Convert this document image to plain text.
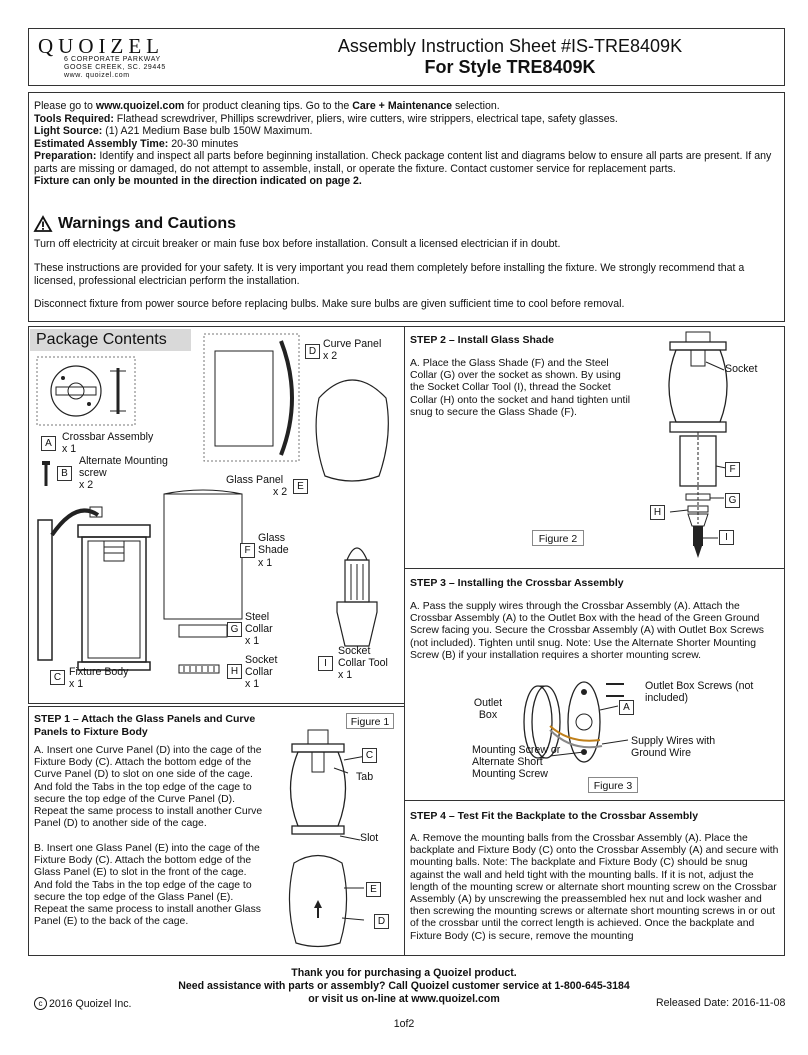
QUOIZEL
6 CORPORATE PARKWAY
GOOSE CREEK, SC. 29445
www. quoizel.com
Assembly Instruction Sheet #IS-TRE8409K
For Style TRE8409K

Please go to www.quoizel.com for product cleaning tips. Go to the Care + Maintenance selection.

Tools Required: Flathead screwdriver, Phillips screwdriver, pliers, wire cutters, wire strippers, electrical tape, safety glasses.

Light Source: (1) A21 Medium Base bulb 150W Maximum.

Estimated Assembly Time: 20-30 minutes

Preparation: Identify and inspect all parts before beginning installation. Check package content list and diagrams below to ensure all parts are present. If any parts are missing or damaged, do not attempt to assemble, install, or operate the fixture. Contact customer service for replacement parts.

Fixture can only be mounted in the direction indicated on page 2.

Warnings and Cautions
Turn off electricity at circuit breaker or main fuse box before installation. Consult a licensed electrician if in doubt.
These instructions are provided for your safety. It is very important you read them completely before installing the fixture. We strongly recommend that a licensed, professional electrician perform the installation.
Disconnect fixture from power source before replacing bulbs. Make sure bulbs are given sufficient time to cool before removal.
Package Contents
A
Crossbar Assembly
x 1
B
Alternate Mounting screw
x 2
C Fixture Body
x 1
D
Curve Panel
x 2
Glass Panel
x 2	E
F
Glass Shade
x 1
G
Steel Collar
x 1
H
Socket Collar
x 1
I
Socket Collar Tool
x 1
STEP 1 – Attach the Glass Panels and Curve Panels to Fixture Body
A. Insert one Curve Panel (D) into the cage of the Fixture Body (C). Attach the bottom edge of the Curve Panel (D) to slot on one side of the cage. And fold the Tabs in the top edge of the cage to secure the top edge of the Curve Panel (D). Repeat the same process to install another Curve Panel (D) to another side of the cage.
B. Insert one Glass Panel (E) into the cage of the Fixture Body (C). Attach the bottom edge of the Glass Panel (E) to slot in the front of the cage. And fold the Tabs in the top edge of the cage to secure the top edge of the Glass Panel (E). Repeat the same process to install another Glass Panel (E) to the back of the cage.
Figure 1
C
Tab
Slot
E
D
STEP 2 – Install Glass Shade
A. Place the Glass Shade (F) and the Steel Collar (G) over the socket as shown. By using the Socket Collar Tool (I), thread the Socket Collar (H) onto the socket and hand tighten until snug to secure the Glass Shade (F).
Figure 2
Socket
F
G
H
I
STEP 3 – Installing the Crossbar Assembly
A. Pass the supply wires through the Crossbar Assembly (A). Attach the Crossbar Assembly (A) to the Outlet Box with the head of the Green Ground Screw facing you. Secure the Crossbar Assembly (A) with Outlet Box Screws (not included). Tighten until snug. Note: Use the Alternate Shorter Mounting Screw (B) if your installation requires a shorter mounting screw.
Outlet Box
Outlet Box Screws (not included)
A
Supply Wires with Ground Wire
Mounting Screw or Alternate Short Mounting Screw
Figure 3
STEP 4 – Test Fit the Backplate to the Crossbar Assembly
A. Remove the mounting balls from the Crossbar Assembly (A). Place the backplate and Fixture Body (C) onto the Crossbar Assembly (A) and secure with mounting balls. Note: The backplate and Fixture Body (C) should be snug against the wall and held tight with the mounting balls. If it is not, adjust the length of the mounting screw or alternate short mounting screw on the Crossbar Assembly (A) by unscrewing the preassembled hex nut and lock washer and then screwing the mounting screws or alternate short mounting screws in or out of the crossbar until the correct length is achieved. Once the backplate and Fixture Body (C) is secure, remove the mounting
Thank you for purchasing a Quoizel product.
Need assistance with parts or assembly? Call Quoizel customer service at 1-800-645-3184
or visit us on-line at www.quoizel.com
c 2016 Quoizel Inc.	Released Date: 2016-11-08
1of2
